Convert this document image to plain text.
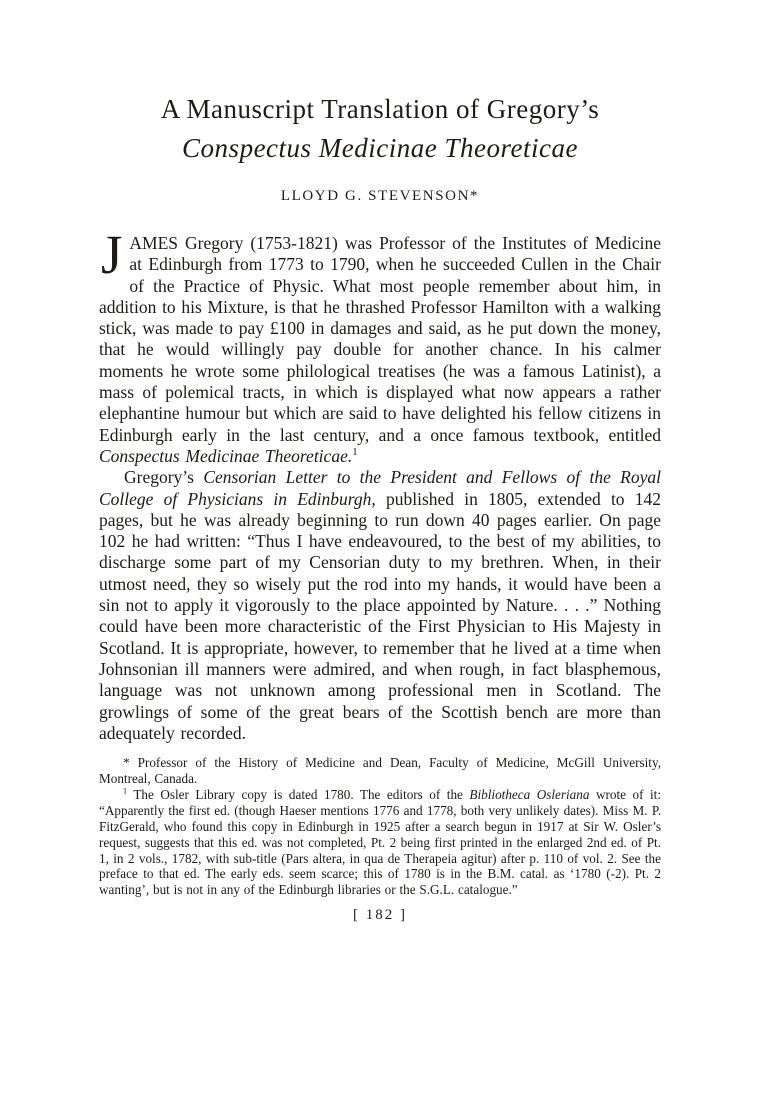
A Manuscript Translation of Gregory’s
Conspectus Medicinae Theoreticae
LLOYD G. STEVENSON*

JAMES Gregory (1753-1821) was Professor of the Institutes of Medicine at Edinburgh from 1773 to 1790, when he succeeded Cullen in the Chair of the Practice of Physic. What most people remember about him, in addition to his Mixture, is that he thrashed Professor Hamilton with a walking stick, was made to pay £100 in damages and said, as he put down the money, that he would willingly pay double for another chance. In his calmer moments he wrote some philological treatises (he was a famous Latinist), a mass of polemical tracts, in which is displayed what now appears a rather elephantine humour but which are said to have delighted his fellow citizens in Edinburgh early in the last century, and a once famous textbook, entitled Conspectus Medicinae Theoreticae.$^1$

Gregory’s Censorian Letter to the President and Fellows of the Royal College of Physicians in Edinburgh, published in 1805, extended to 142 pages, but he was already beginning to run down 40 pages earlier. On page 102 he had written: “Thus I have endeavoured, to the best of my abilities, to discharge some part of my Censorian duty to my brethren. When, in their utmost need, they so wisely put the rod into my hands, it would have been a sin not to apply it vigorously to the place appointed by Nature. . . .” Nothing could have been more characteristic of the First Physician to His Majesty in Scotland. It is appropriate, however, to remember that he lived at a time when Johnsonian ill manners were admired, and when rough, in fact blasphemous, language was not unknown among professional men in Scotland. The growlings of some of the great bears of the Scottish bench are more than adequately recorded.

* Professor of the History of Medicine and Dean, Faculty of Medicine, McGill University, Montreal, Canada.

$^1$ The Osler Library copy is dated 1780. The editors of the Bibliotheca Osleriana wrote of it: “Apparently the first ed. (though Haeser mentions 1776 and 1778, both very unlikely dates). Miss M. P. FitzGerald, who found this copy in Edinburgh in 1925 after a search begun in 1917 at Sir W. Osler’s request, suggests that this ed. was not completed, Pt. 2 being first printed in the enlarged 2nd ed. of Pt. 1, in 2 vols., 1782, with sub-title (Pars altera, in qua de Therapeia agitur) after p. 110 of vol. 2. See the preface to that ed. The early eds. seem scarce; this of 1780 is in the B.M. catal. as ‘1780 (-2). Pt. 2 wanting’, but is not in any of the Edinburgh libraries or the S.G.L. catalogue.”

[ 182 ]
